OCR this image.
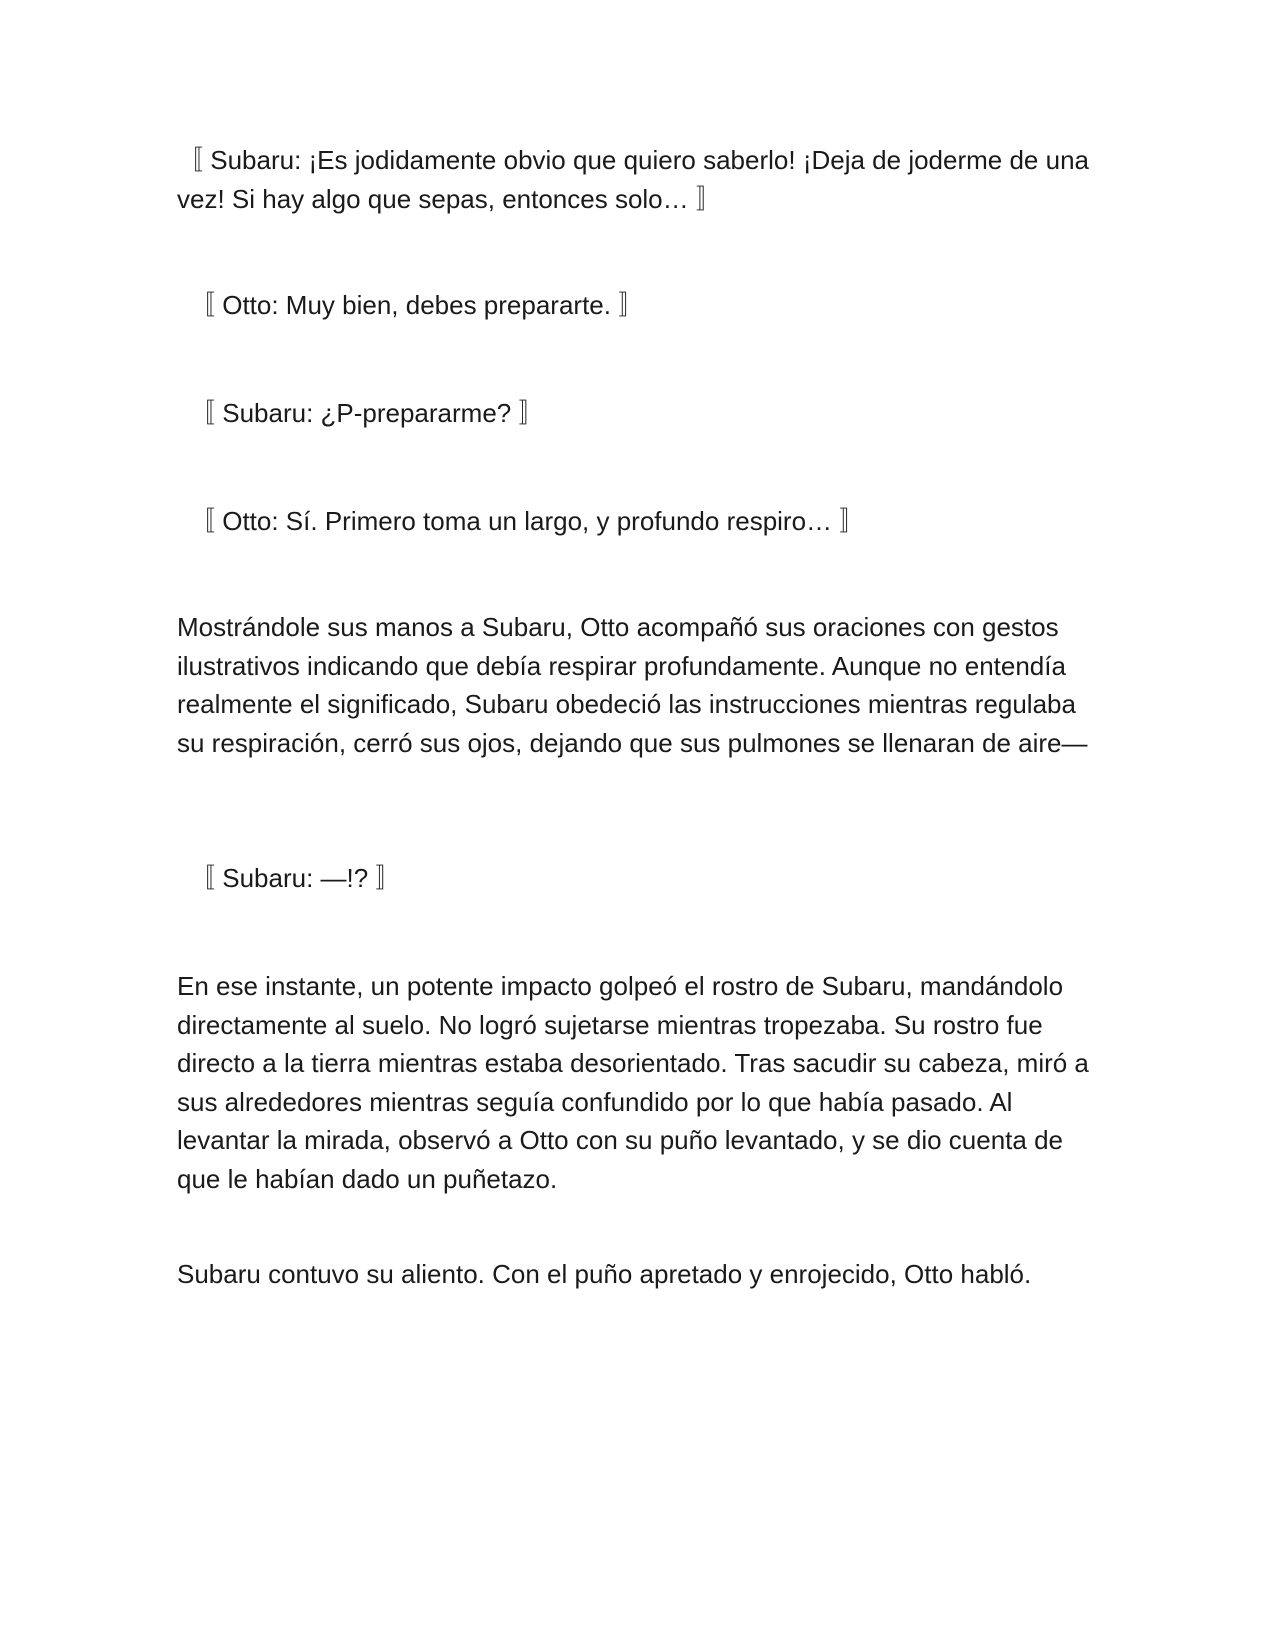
〚 Subaru: ¡Es jodidamente obvio que quiero saberlo! ¡Deja de joderme de una vez! Si hay algo que sepas, entonces solo… 〛

〚 Otto: Muy bien, debes prepararte. 〛

〚 Subaru: ¿P-prepararme? 〛

〚 Otto: Sí. Primero toma un largo, y profundo respiro… 〛

Mostrándole sus manos a Subaru, Otto acompañó sus oraciones con gestos ilustrativos indicando que debía respirar profundamente. Aunque no entendía realmente el significado, Subaru obedeció las instrucciones mientras regulaba su respiración, cerró sus ojos, dejando que sus pulmones se llenaran de aire—

〚 Subaru: —!? 〛

En ese instante, un potente impacto golpeó el rostro de Subaru, mandándolo directamente al suelo. No logró sujetarse mientras tropezaba. Su rostro fue directo a la tierra mientras estaba desorientado. Tras sacudir su cabeza, miró a sus alrededores mientras seguía confundido por lo que había pasado. Al levantar la mirada, observó a Otto con su puño levantado, y se dio cuenta de que le habían dado un puñetazo.

Subaru contuvo su aliento. Con el puño apretado y enrojecido, Otto habló.
